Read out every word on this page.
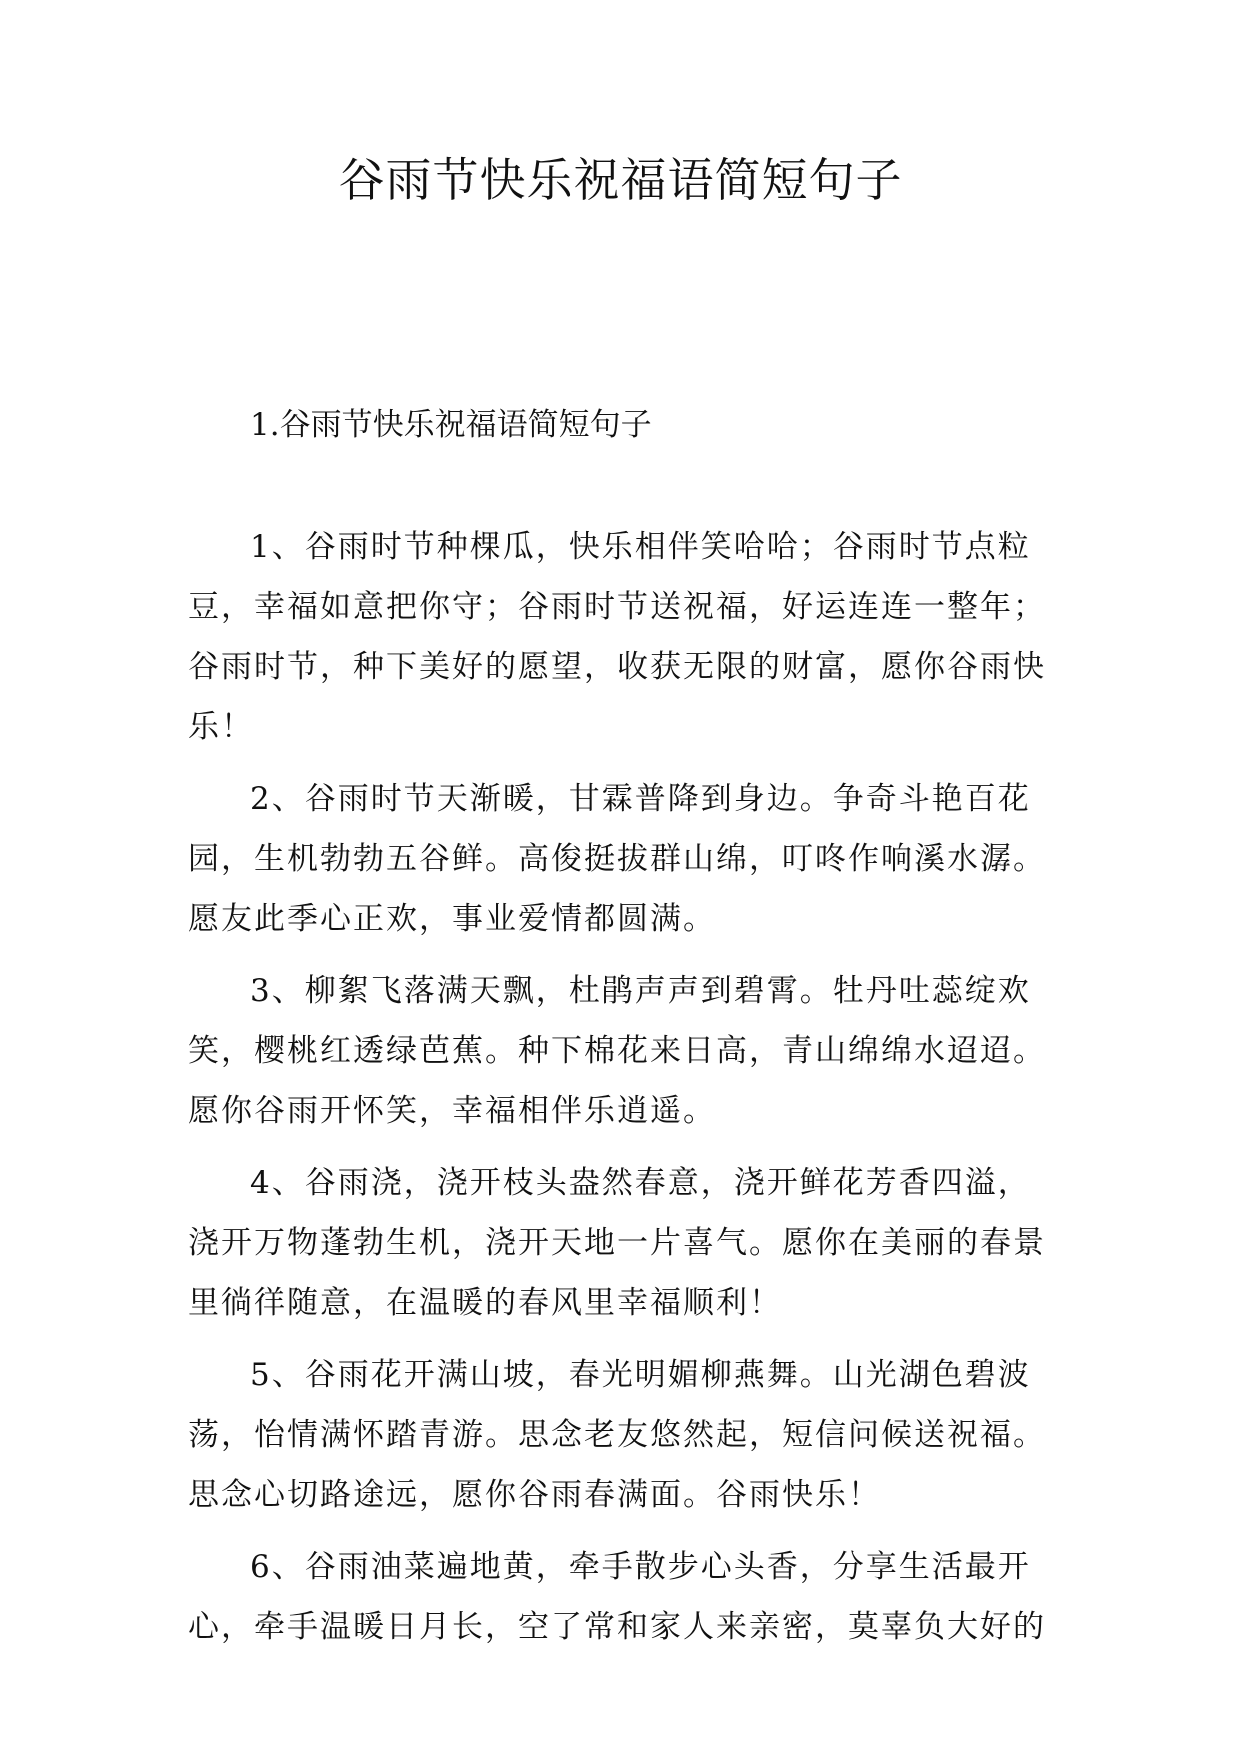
谷雨节快乐祝福语简短句子
1.谷雨节快乐祝福语简短句子

1、谷雨时节种棵瓜，快乐相伴笑哈哈；谷雨时节点粒
豆，幸福如意把你守；谷雨时节送祝福，好运连连一整年；
谷雨时节，种下美好的愿望，收获无限的财富，愿你谷雨快
乐！

2、谷雨时节天渐暖，甘霖普降到身边。争奇斗艳百花
园，生机勃勃五谷鲜。高俊挺拔群山绵，叮咚作响溪水潺。
愿友此季心正欢，事业爱情都圆满。

3、柳絮飞落满天飘，杜鹃声声到碧霄。牡丹吐蕊绽欢
笑，樱桃红透绿芭蕉。种下棉花来日高，青山绵绵水迢迢。
愿你谷雨开怀笑，幸福相伴乐逍遥。

4、谷雨浇，浇开枝头盎然春意，浇开鲜花芳香四溢，
浇开万物蓬勃生机，浇开天地一片喜气。愿你在美丽的春景
里徜徉随意，在温暖的春风里幸福顺利！

5、谷雨花开满山坡，春光明媚柳燕舞。山光湖色碧波
荡，怡情满怀踏青游。思念老友悠然起，短信问候送祝福。
思念心切路途远，愿你谷雨春满面。谷雨快乐！

6、谷雨油菜遍地黄，牵手散步心头香，分享生活最开
心，牵手温暖日月长，空了常和家人来亲密，莫辜负大好的
